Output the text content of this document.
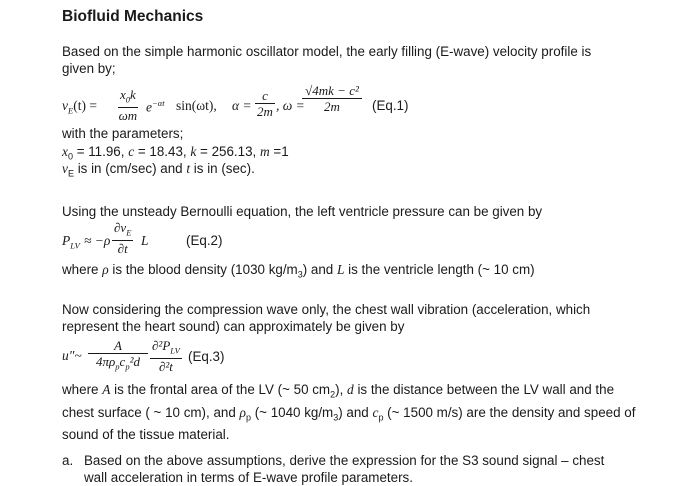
Biofluid Mechanics
Based on the simple harmonic oscillator model, the early filling (E-wave) velocity profile is given by;
$v_E(t) = \frac{x_0k}{\omega m} e^{-\alpha t}$ sin(ωt), $\alpha = \frac{c}{2m}$ , ω =
$\frac{\text{√4mk − c²}}{2m} (Eq.1)$
with the parameters;
$x_0 = 11.96$, c = 18.43, k = 256.13, m =1
$v_E$ is in (cm/sec) and t is in (sec).
Using the unsteady Bernoulli equation, the left ventricle pressure can be given by
$P_{LV} \approx -\rho \frac{\partial v_E}{\partial t}$ L	(Eq.2)
where ρ is the blood density (1030 $kg/m_3$) and L is the ventricle length (~ 10 cm)
Now considering the compression wave only, the chest wall vibration (acceleration, which represent the heart sound) can approximately be given by
u"~
A
$4\pi\rho_pc_p^2d$
$\partial^2P_{LV}$
∂²t
(Eq.3)
where A is the frontal area of the LV (~ 50 $cm_2$), d is the distance between the LV wall and the chest surface ( ~ 10 cm), and $\rho_p$ (~ 1040 $kg/m_3$) and $c_p$ (~ 1500 m/s) are the density and speed of sound of the tissue material.
a. Based on the above assumptions, derive the expression for the S3 sound signal – chest wall acceleration in terms of E-wave profile parameters.
